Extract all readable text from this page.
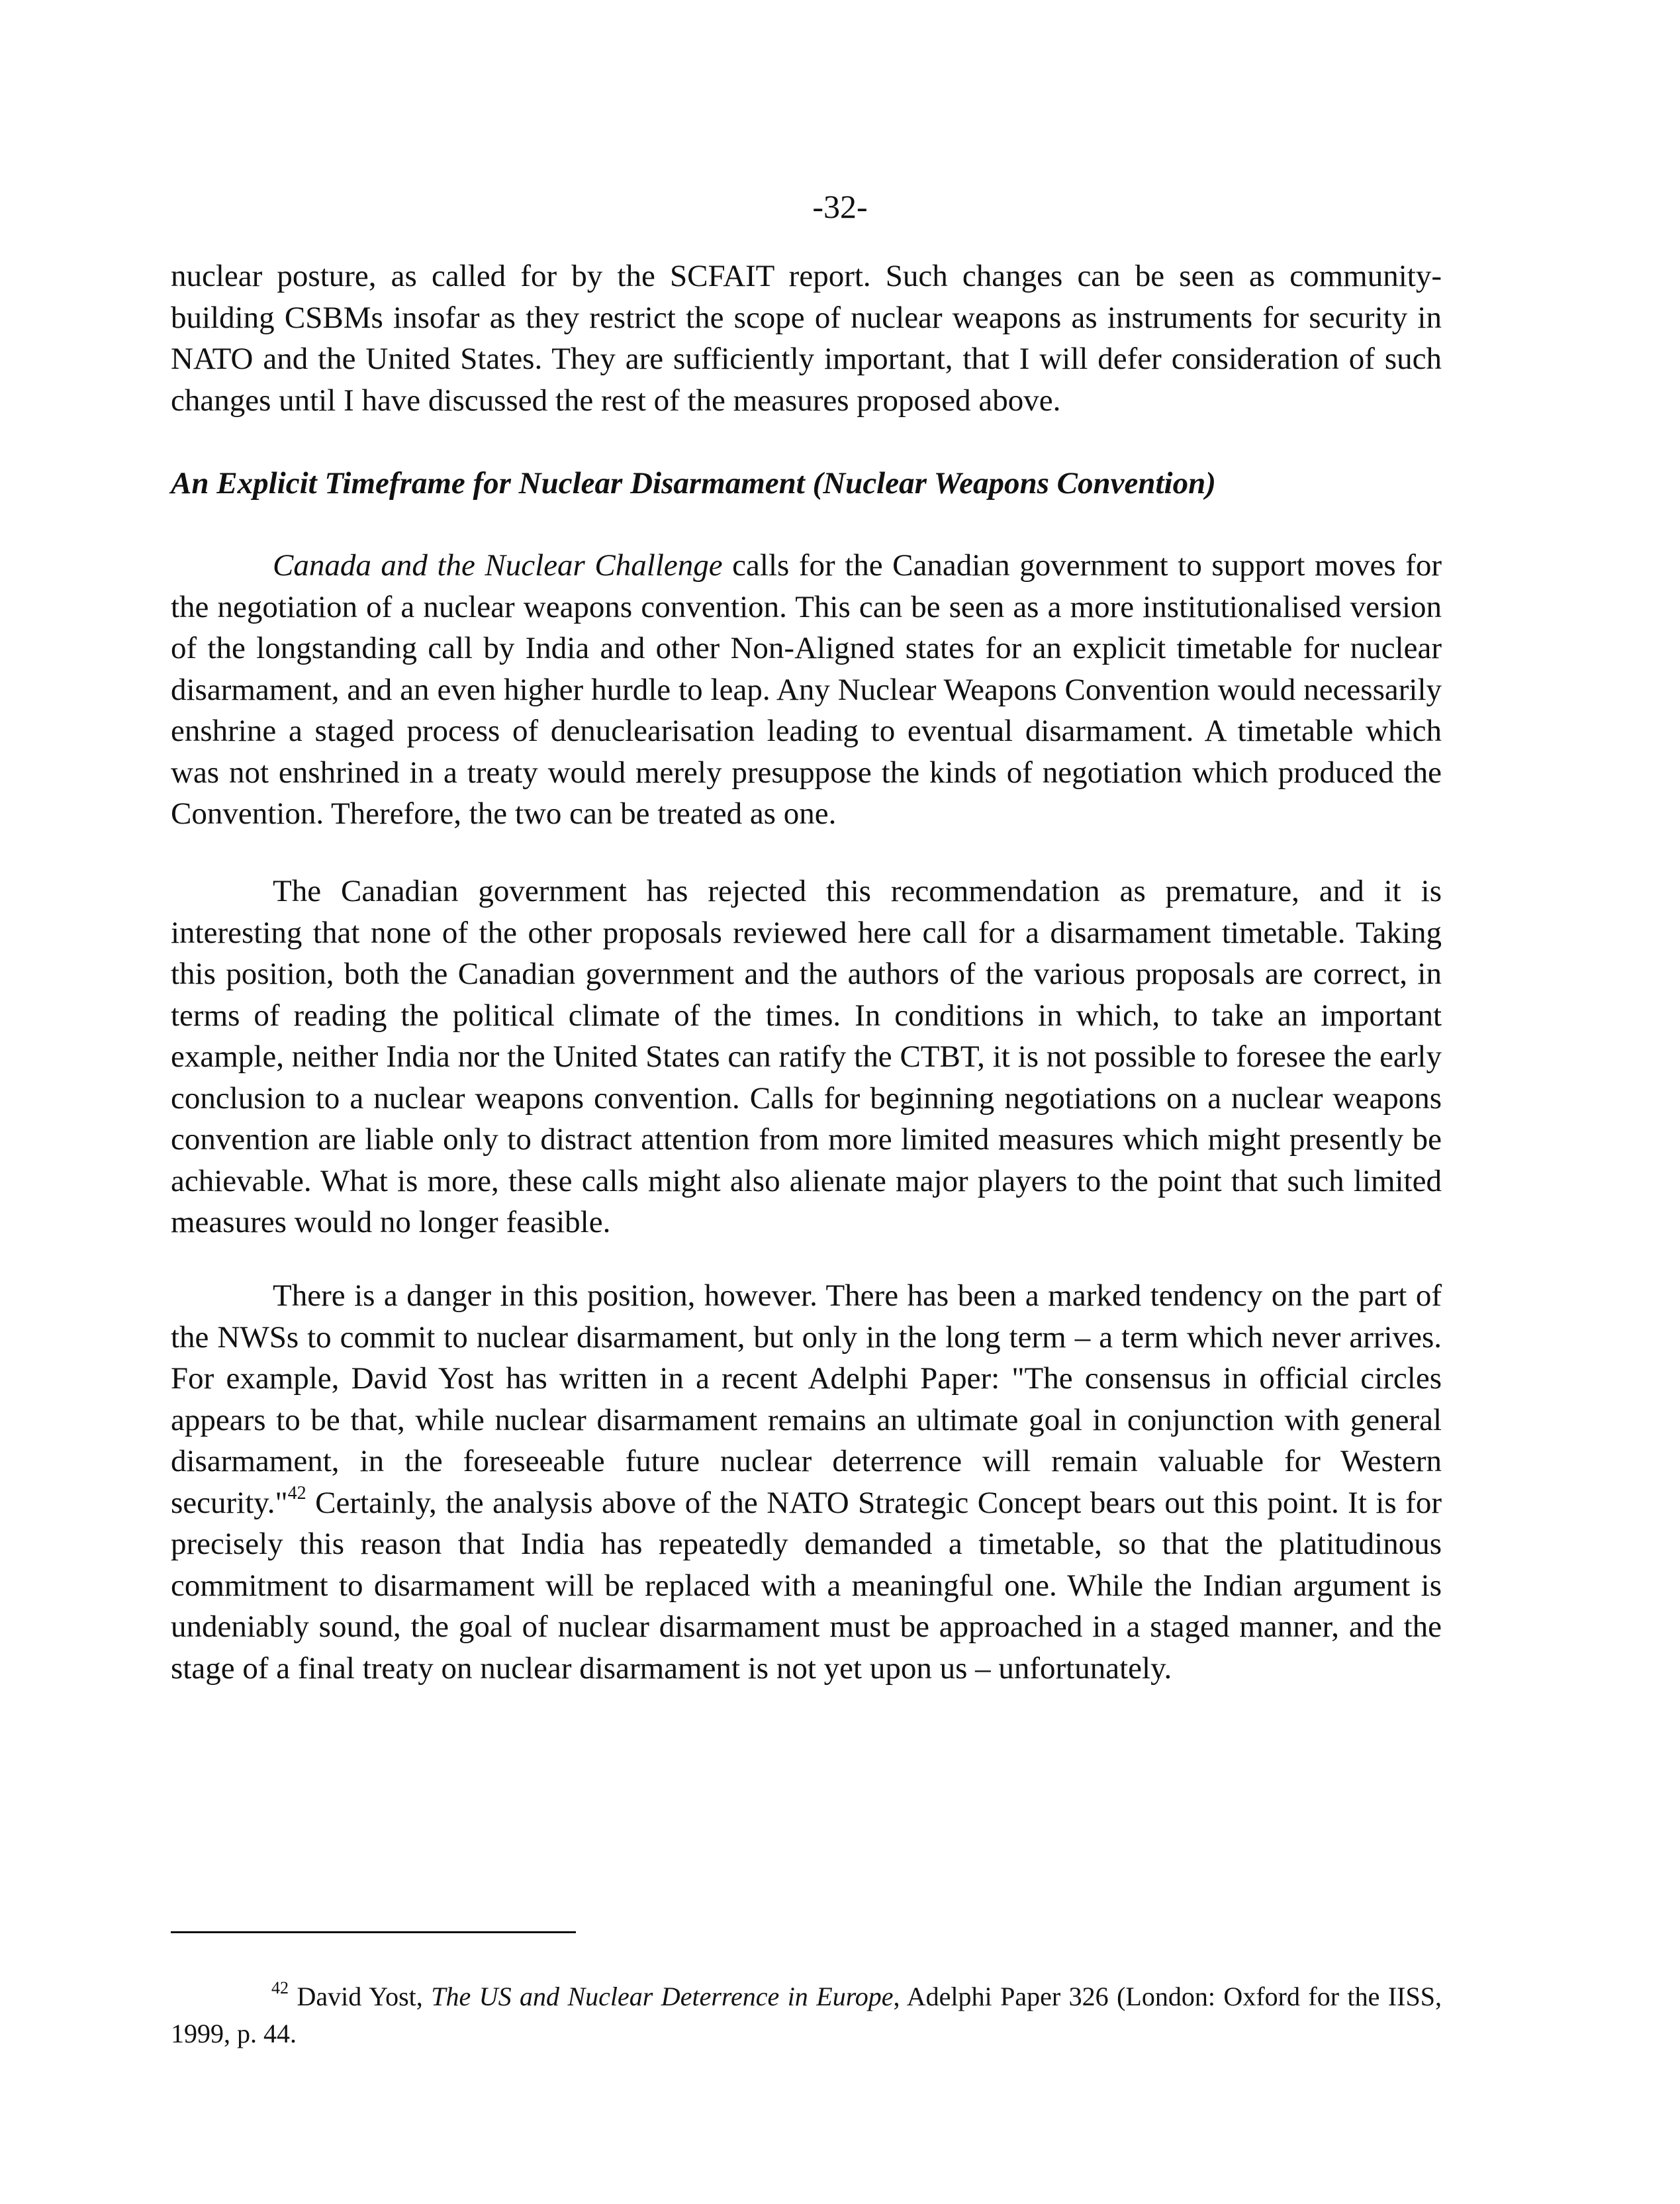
-32-

nuclear posture, as called for by the SCFAIT report. Such changes can be seen as community-building CSBMs insofar as they restrict the scope of nuclear weapons as instruments for security in NATO and the United States. They are sufficiently important, that I will defer consideration of such changes until I have discussed the rest of the measures proposed above.

An Explicit Timeframe for Nuclear Disarmament (Nuclear Weapons Convention)

Canada and the Nuclear Challenge calls for the Canadian government to support moves for the negotiation of a nuclear weapons convention. This can be seen as a more institutionalised version of the longstanding call by India and other Non-Aligned states for an explicit timetable for nuclear disarmament, and an even higher hurdle to leap. Any Nuclear Weapons Convention would necessarily enshrine a staged process of denuclearisation leading to eventual disarmament. A timetable which was not enshrined in a treaty would merely presuppose the kinds of negotiation which produced the Convention. Therefore, the two can be treated as one.

The Canadian government has rejected this recommendation as premature, and it is interesting that none of the other proposals reviewed here call for a disarmament timetable. Taking this position, both the Canadian government and the authors of the various proposals are correct, in terms of reading the political climate of the times. In conditions in which, to take an important example, neither India nor the United States can ratify the CTBT, it is not possible to foresee the early conclusion to a nuclear weapons convention. Calls for beginning negotiations on a nuclear weapons convention are liable only to distract attention from more limited measures which might presently be achievable. What is more, these calls might also alienate major players to the point that such limited measures would no longer feasible.

There is a danger in this position, however. There has been a marked tendency on the part of the NWSs to commit to nuclear disarmament, but only in the long term – a term which never arrives. For example, David Yost has written in a recent Adelphi Paper: "The consensus in official circles appears to be that, while nuclear disarmament remains an ultimate goal in conjunction with general disarmament, in the foreseeable future nuclear deterrence will remain valuable for Western security."$^{42}$ Certainly, the analysis above of the NATO Strategic Concept bears out this point. It is for precisely this reason that India has repeatedly demanded a timetable, so that the platitudinous commitment to disarmament will be replaced with a meaningful one. While the Indian argument is undeniably sound, the goal of nuclear disarmament must be approached in a staged manner, and the stage of a final treaty on nuclear disarmament is not yet upon us – unfortunately.

$^{42}$ David Yost, The US and Nuclear Deterrence in Europe, Adelphi Paper 326 (London: Oxford for the IISS, 1999, p. 44.
